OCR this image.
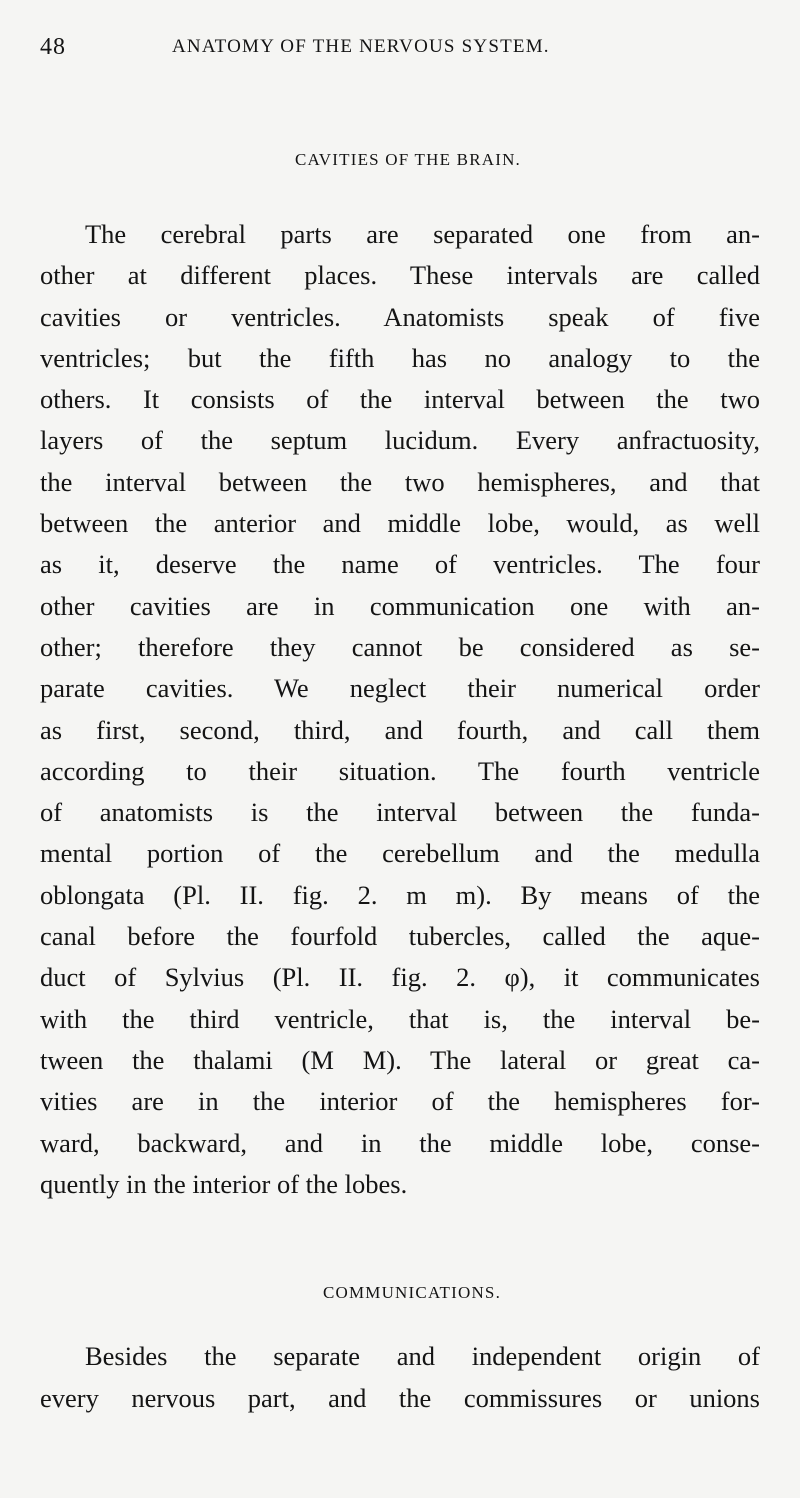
48	ANATOMY OF THE NERVOUS SYSTEM.
CAVITIES OF THE BRAIN.
The cerebral parts are separated one from an-
other at different places. These intervals are called
cavities or ventricles. Anatomists speak of five
ventricles; but the fifth has no analogy to the
others. It consists of the interval between the two
layers of the septum lucidum. Every anfractuosity,
the interval between the two hemispheres, and that
between the anterior and middle lobe, would, as well
as it, deserve the name of ventricles. The four
other cavities are in communication one with an-
other; therefore they cannot be considered as se-
parate cavities. We neglect their numerical order
as first, second, third, and fourth, and call them
according to their situation. The fourth ventricle
of anatomists is the interval between the funda-
mental portion of the cerebellum and the medulla
oblongata (Pl. II. fig. 2. m m). By means of the
canal before the fourfold tubercles, called the aque-
duct of Sylvius (Pl. II. fig. 2. φ), it communicates
with the third ventricle, that is, the interval be-
tween the thalami (M M). The lateral or great ca-
vities are in the interior of the hemispheres for-
ward, backward, and in the middle lobe, conse-
quently in the interior of the lobes.
COMMUNICATIONS.
Besides the separate and independent origin of
every nervous part, and the commissures or unions
